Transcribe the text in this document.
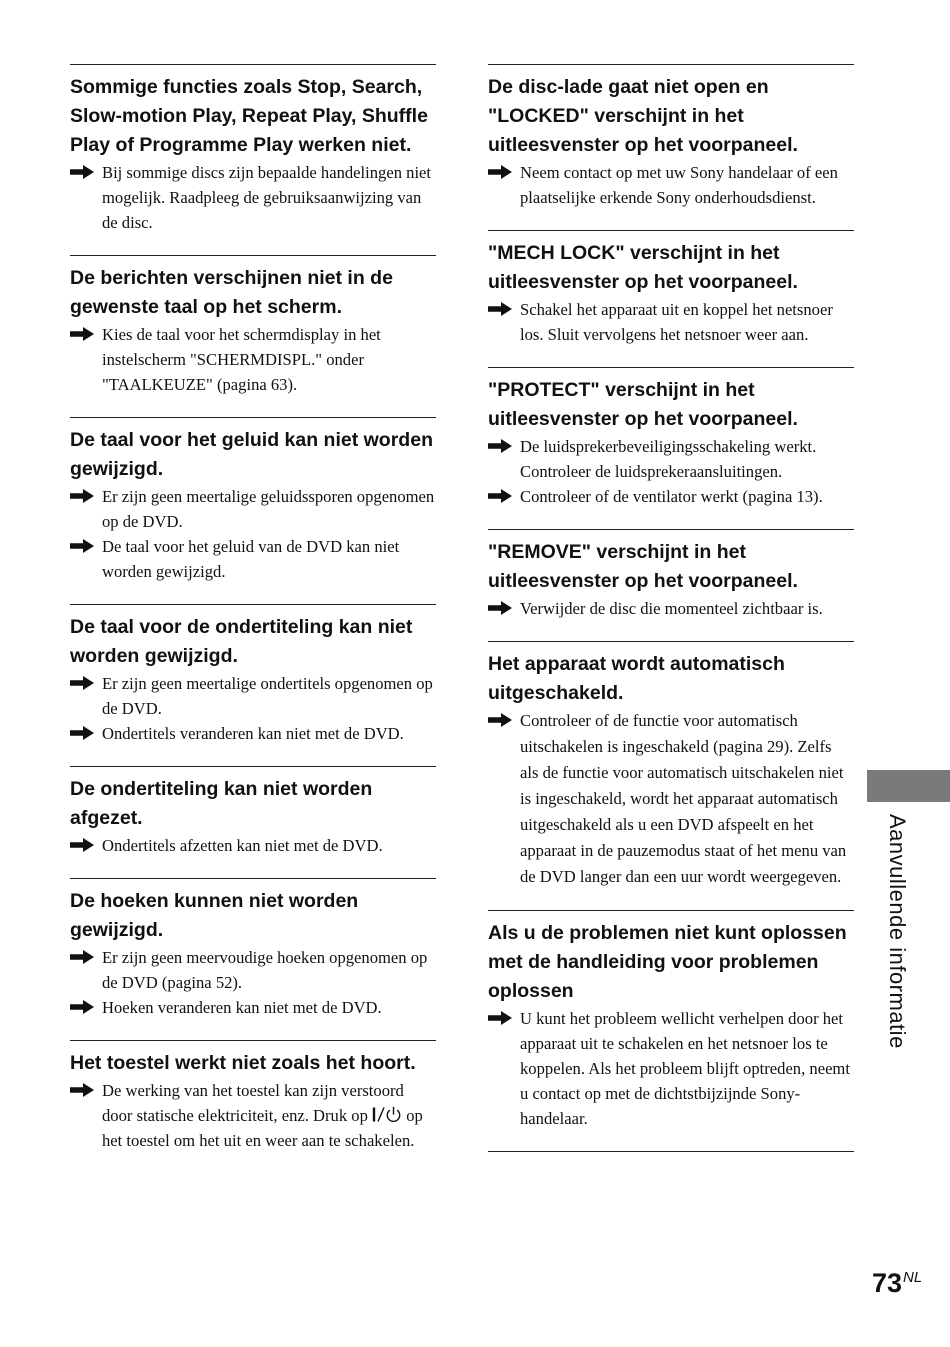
Sommige functies zoals Stop, Search, Slow-motion Play, Repeat Play, Shuffle Play of Programme Play werken niet.
Bij sommige discs zijn bepaalde handelingen niet mogelijk. Raadpleeg de gebruiksaanwijzing van de disc.
De berichten verschijnen niet in de gewenste taal op het scherm.
Kies de taal voor het schermdisplay in het instelscherm "SCHERMDISPL." onder "TAALKEUZE" (pagina 63).
De taal voor het geluid kan niet worden gewijzigd.
Er zijn geen meertalige geluidssporen opgenomen op de DVD.
De taal voor het geluid van de DVD kan niet worden gewijzigd.
De taal voor de ondertiteling kan niet worden gewijzigd.
Er zijn geen meertalige ondertitels opgenomen op de DVD.
Ondertitels veranderen kan niet met de DVD.
De ondertiteling kan niet worden afgezet.
Ondertitels afzetten kan niet met de DVD.
De hoeken kunnen niet worden gewijzigd.
Er zijn geen meervoudige hoeken opgenomen op de DVD (pagina 52).
Hoeken veranderen kan niet met de DVD.
Het toestel werkt niet zoals het hoort.
De werking van het toestel kan zijn verstoord door statische elektriciteit, enz. Druk op op het toestel om het uit en weer aan te schakelen.
De disc-lade gaat niet open en "LOCKED" verschijnt in het uitleesvenster op het voorpaneel.
Neem contact op met uw Sony handelaar of een plaatselijke erkende Sony onderhoudsdienst.
"MECH LOCK" verschijnt in het uitleesvenster op het voorpaneel.
Schakel het apparaat uit en koppel het netsnoer los. Sluit vervolgens het netsnoer weer aan.
"PROTECT" verschijnt in het uitleesvenster op het voorpaneel.
De luidsprekerbeveiligingsschakeling werkt. Controleer de luidsprekeraansluitingen.
Controleer of de ventilator werkt (pagina 13).
"REMOVE" verschijnt in het uitleesvenster op het voorpaneel.
Verwijder de disc die momenteel zichtbaar is.
Het apparaat wordt automatisch uitgeschakeld.
Controleer of de functie voor automatisch uitschakelen is ingeschakeld (pagina 29). Zelfs als de functie voor automatisch uitschakelen niet is ingeschakeld, wordt het apparaat automatisch uitgeschakeld als u een DVD afspeelt en het apparaat in de pauzemodus staat of het menu van de DVD langer dan een uur wordt weergegeven.
Als u de problemen niet kunt oplossen met de handleiding voor problemen oplossen
U kunt het probleem wellicht verhelpen door het apparaat uit te schakelen en het netsnoer los te koppelen. Als het probleem blijft optreden, neemt u contact op met de dichtstbijzijnde Sony-handelaar.
Aanvullende informatie
73NL
